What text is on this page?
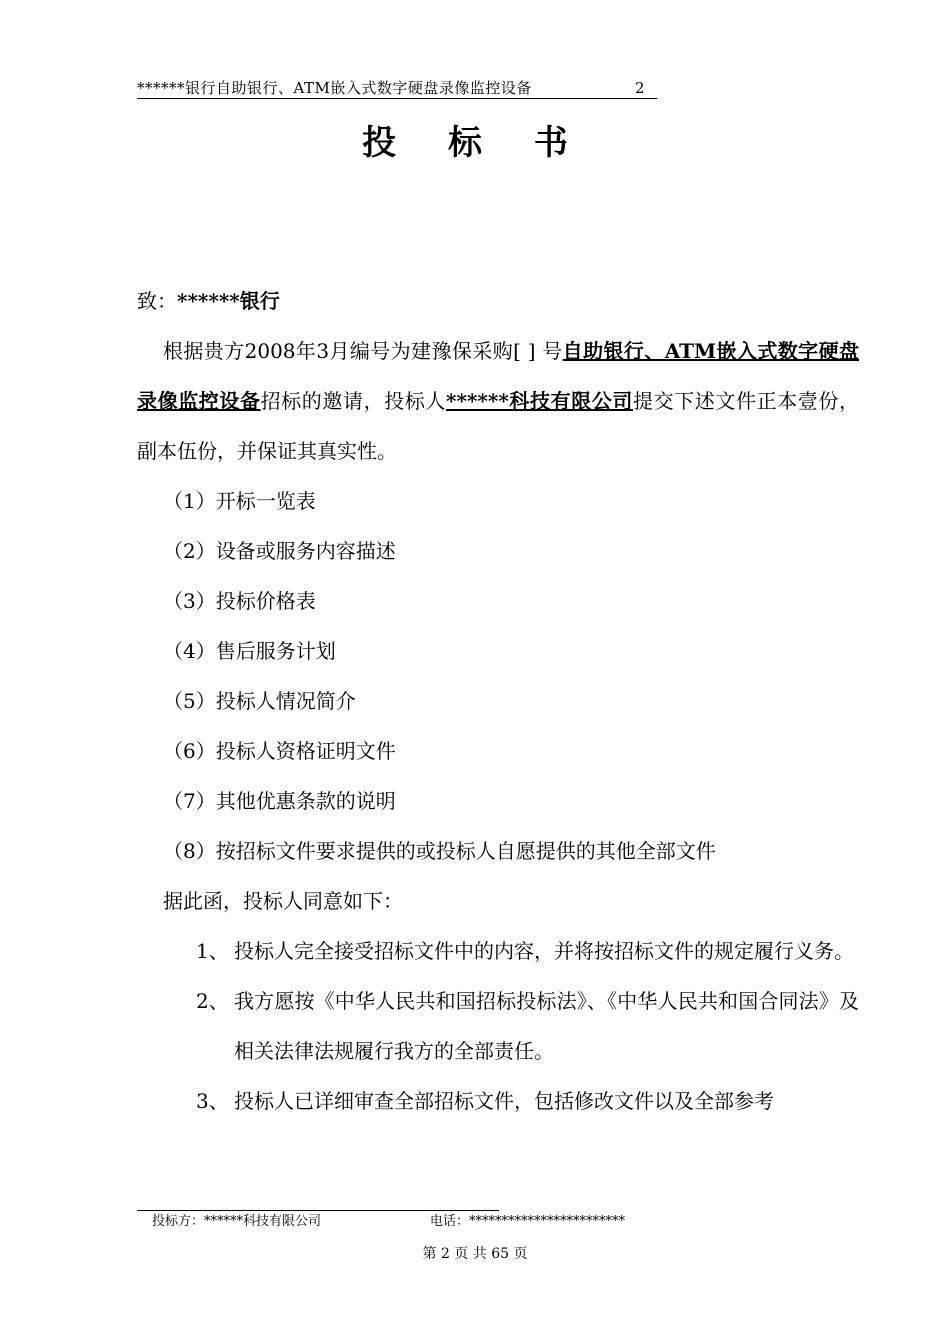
******银行自助银行、ATM嵌入式数字硬盘录像监控设备	2
投 标 书
致：******银行
根据贵方2008年3月编号为建豫保采购[ ] 号自助银行、ATM嵌入式数字硬盘录像监控设备招标的邀请，投标人******科技有限公司提交下述文件正本壹份，副本伍份，并保证其真实性。
（1）开标一览表
（2）设备或服务内容描述
（3）投标价格表
（4）售后服务计划
（5）投标人情况简介
（6）投标人资格证明文件
（7）其他优惠条款的说明
（8）按招标文件要求提供的或投标人自愿提供的其他全部文件
据此函，投标人同意如下：
1、 投标人完全接受招标文件中的内容，并将按招标文件的规定履行义务。
2、 我方愿按《中华人民共和国招标投标法》、《中华人民共和国合同法》及相关法律法规履行我方的全部责任。
3、 投标人已详细审查全部招标文件，包括修改文件以及全部参考
投标方：******科技有限公司	电话：************************
第 2 页 共 65 页
